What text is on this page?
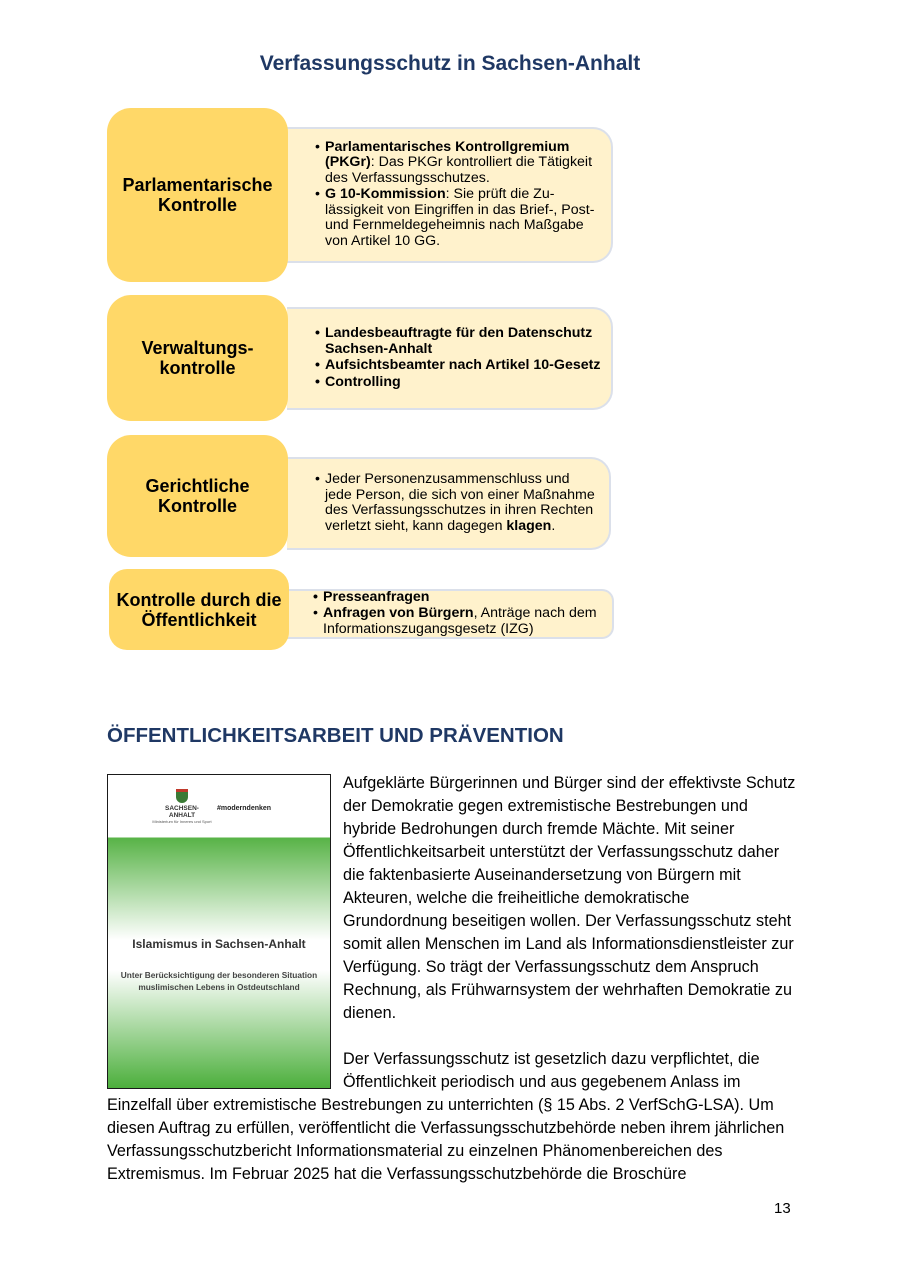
Verfassungsschutz in Sachsen-Anhalt
Parlamentarische Kontrolle
• Parlamentarisches Kontrollgremium (PKGr): Das PKGr kontrolliert die Tätigkeit des Verfassungsschutzes.
• G 10-Kommission: Sie prüft die Zu-lässigkeit von Eingriffen in das Brief-, Post- und Fernmeldegeheimnis nach Maßgabe von Artikel 10 GG.
Verwaltungs-kontrolle
• Landesbeauftragte für den Datenschutz Sachsen-Anhalt
• Aufsichtsbeamter nach Artikel 10-Gesetz
• Controlling
Gerichtliche Kontrolle
• Jeder Personenzusammenschluss und jede Person, die sich von einer Maßnahme des Verfassungsschutzes in ihren Rechten verletzt sieht, kann dagegen klagen.
Kontrolle durch die Öffentlichkeit
• Presseanfragen
• Anfragen von Bürgern, Anträge nach dem Informationszugangsgesetz (IZG)
ÖFFENTLICHKEITSARBEIT UND PRÄVENTION
SACHSEN-ANHALT
Ministerium für Inneres und Sport
#moderndenken
Islamismus in Sachsen-Anhalt
Unter Berücksichtigung der besonderen Situation muslimischen Lebens in Ostdeutschland

Aufgeklärte Bürgerinnen und Bürger sind der effektivste Schutz der Demokratie gegen extremistische Bestrebungen und hybride Bedrohungen durch fremde Mächte. Mit seiner Öffentlichkeitsarbeit unterstützt der Verfassungsschutz daher die faktenbasierte Auseinandersetzung von Bürgern mit Akteuren, welche die freiheitliche demokratische Grundordnung beseitigen wollen. Der Verfassungsschutz steht somit allen Menschen im Land als Informationsdienstleister zur Verfügung. So trägt der Verfassungsschutz dem Anspruch Rechnung, als Frühwarnsystem der wehrhaften Demokratie zu dienen.

Der Verfassungsschutz ist gesetzlich dazu verpflichtet, die Öffentlichkeit periodisch und aus gegebenem Anlass im Einzelfall über extremistische Bestrebungen zu unterrichten (§ 15 Abs. 2 VerfSchG-LSA). Um diesen Auftrag zu erfüllen, veröffentlicht die Verfassungsschutzbehörde neben ihrem jährlichen Verfassungsschutzbericht Informationsmaterial zu einzelnen Phänomenbereichen des Extremismus. Im Februar 2025 hat die Verfassungsschutzbehörde die Broschüre

13
